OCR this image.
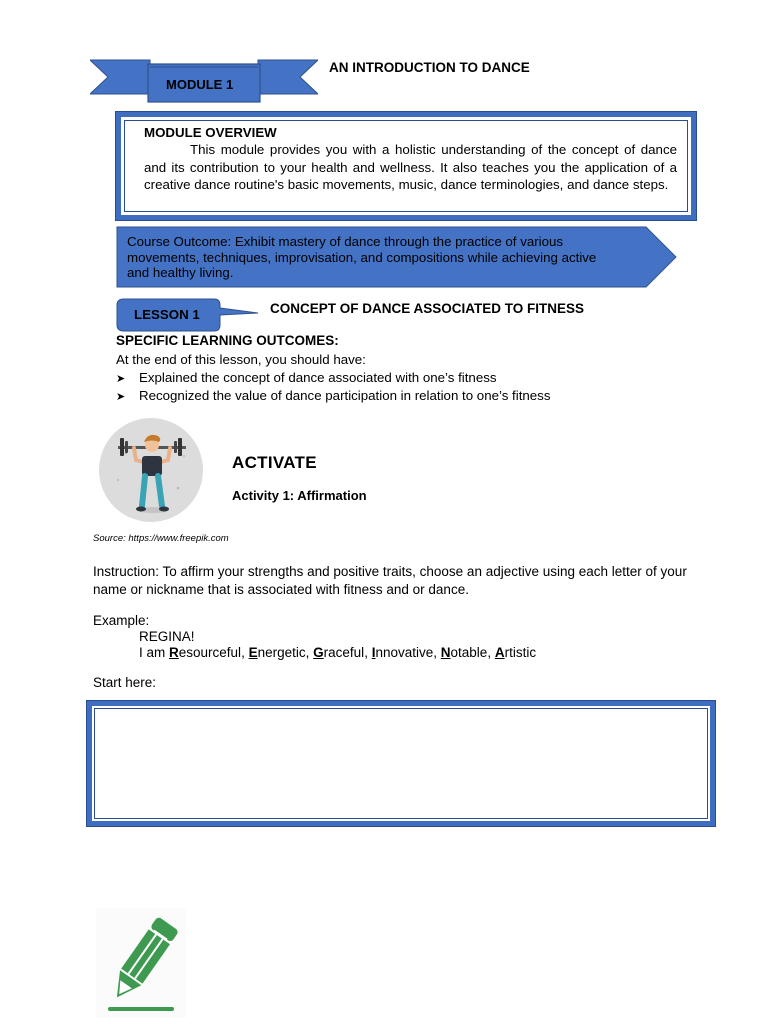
MODULE 1
AN INTRODUCTION TO DANCE
MODULE OVERVIEW

This module provides you with a holistic understanding of the concept of dance and its contribution to your health and wellness. It also teaches you the application of a creative dance routine's basic movements, music, dance terminologies, and dance steps.

Course Outcome: Exhibit mastery of dance through the practice of various
movements, techniques, improvisation, and compositions while achieving active
and healthy living.
LESSON 1	CONCEPT OF DANCE ASSOCIATED TO FITNESS
SPECIFIC LEARNING OUTCOMES:
At the end of this lesson, you should have:
➤ Explained the concept of dance associated with one’s fitness
➤ Recognized the value of dance participation in relation to one’s fitness
ACTIVATE
Activity 1: Affirmation
Source: https://www.freepik.com
Instruction: To affirm your strengths and positive traits, choose an adjective using each letter of your name or nickname that is associated with fitness and or dance.
Example:
REGINA!
I am Resourceful, Energetic, Graceful, Innovative, Notable, Artistic
Start here:
